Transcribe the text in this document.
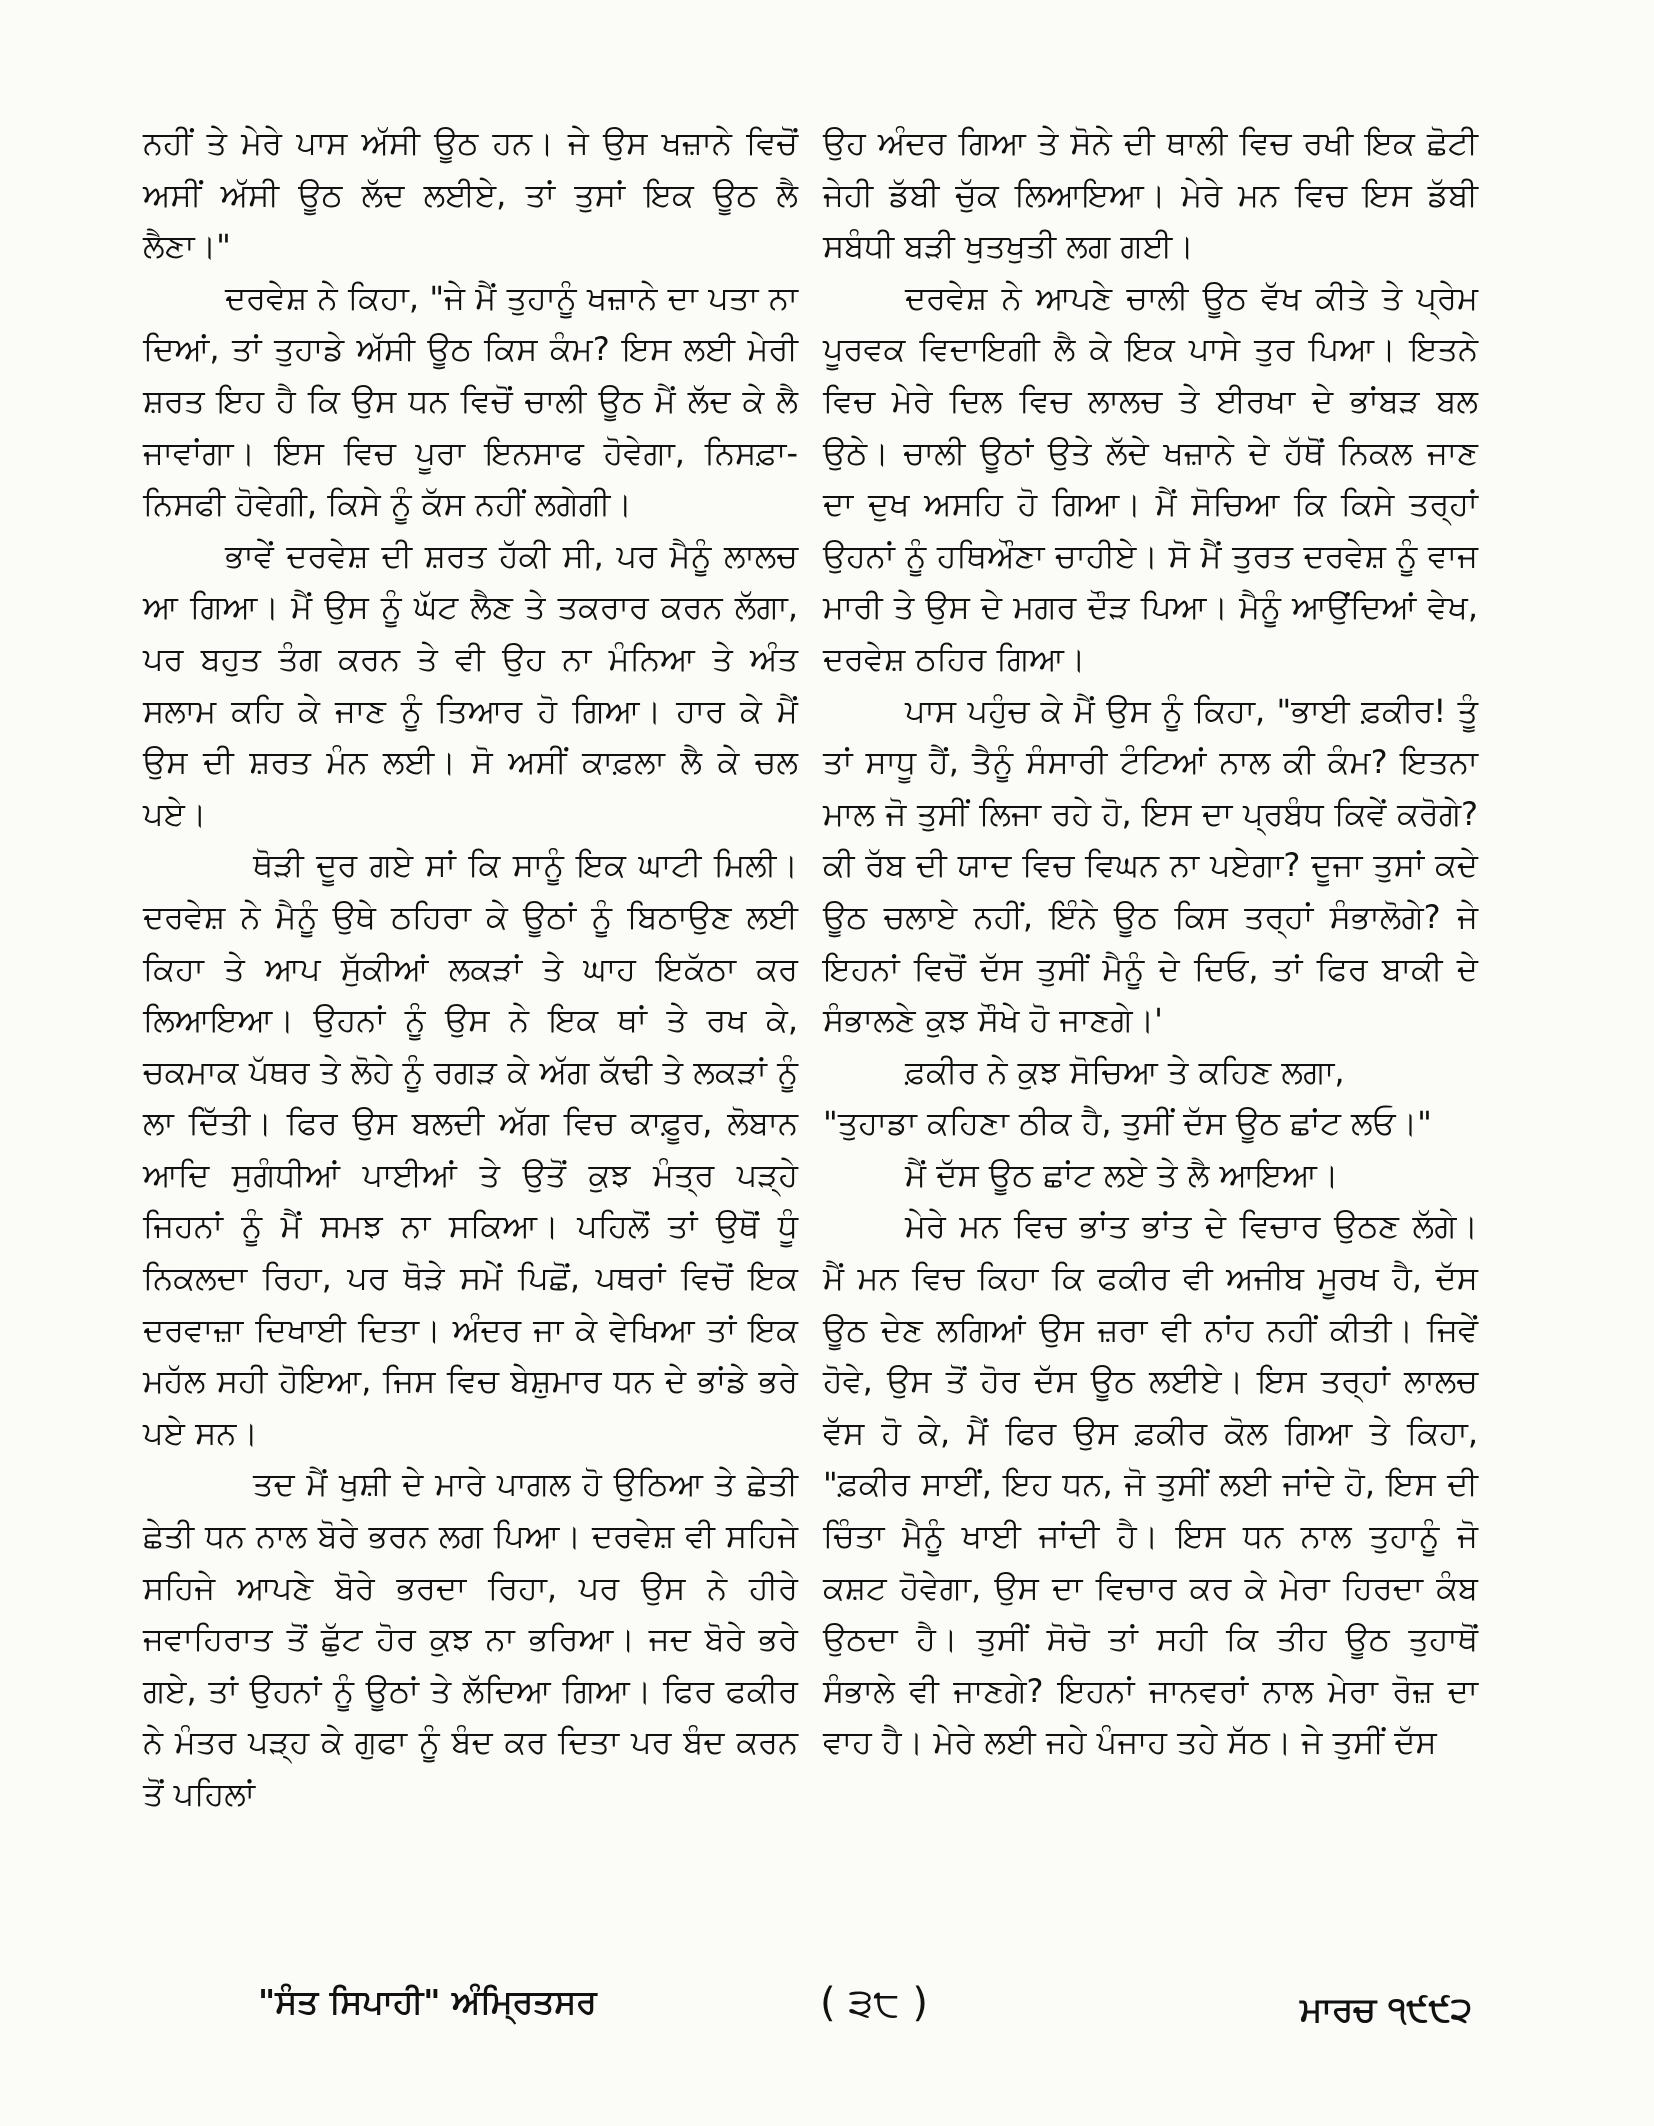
ਨਹੀਂ ਤੇ ਮੇਰੇ ਪਾਸ ਅੱਸੀ ਊਠ ਹਨ। ਜੇ ਉਸ ਖਜ਼ਾਨੇ ਵਿਚੋਂ ਅਸੀਂ ਅੱਸੀ ਊਠ ਲੱਦ ਲਈਏ, ਤਾਂ ਤੁਸਾਂ ਇਕ ਊਠ ਲੈ ਲੈਣਾ।"

ਦਰਵੇਸ਼ ਨੇ ਕਿਹਾ, "ਜੇ ਮੈਂ ਤੁਹਾਨੂੰ ਖਜ਼ਾਨੇ ਦਾ ਪਤਾ ਨਾ ਦਿਆਂ, ਤਾਂ ਤੁਹਾਡੇ ਅੱਸੀ ਊਠ ਕਿਸ ਕੰਮ? ਇਸ ਲਈ ਮੇਰੀ ਸ਼ਰਤ ਇਹ ਹੈ ਕਿ ਉਸ ਧਨ ਵਿਚੋਂ ਚਾਲੀ ਊਠ ਮੈਂ ਲੱਦ ਕੇ ਲੈ ਜਾਵਾਂਗਾ। ਇਸ ਵਿਚ ਪੂਰਾ ਇਨਸਾਫ ਹੋਵੇਗਾ, ਨਿਸਫ਼ਾ-ਨਿਸਫੀ ਹੋਵੇਗੀ, ਕਿਸੇ ਨੂੰ ਕੱਸ ਨਹੀਂ ਲਗੇਗੀ।

ਭਾਵੇਂ ਦਰਵੇਸ਼ ਦੀ ਸ਼ਰਤ ਹੱਕੀ ਸੀ, ਪਰ ਮੈਨੂੰ ਲਾਲਚ ਆ ਗਿਆ। ਮੈਂ ਉਸ ਨੂੰ ਘੱਟ ਲੈਣ ਤੇ ਤਕਰਾਰ ਕਰਨ ਲੱਗਾ, ਪਰ ਬਹੁਤ ਤੰਗ ਕਰਨ ਤੇ ਵੀ ਉਹ ਨਾ ਮੰਨਿਆ ਤੇ ਅੰਤ ਸਲਾਮ ਕਹਿ ਕੇ ਜਾਣ ਨੂੰ ਤਿਆਰ ਹੋ ਗਿਆ। ਹਾਰ ਕੇ ਮੈਂ ਉਸ ਦੀ ਸ਼ਰਤ ਮੰਨ ਲਈ। ਸੋ ਅਸੀਂ ਕਾਫ਼ਲਾ ਲੈ ਕੇ ਚਲ ਪਏ।

ਥੋੜੀ ਦੂਰ ਗਏ ਸਾਂ ਕਿ ਸਾਨੂੰ ਇਕ ਘਾਟੀ ਮਿਲੀ। ਦਰਵੇਸ਼ ਨੇ ਮੈਨੂੰ ਉਥੇ ਠਹਿਰਾ ਕੇ ਊਠਾਂ ਨੂੰ ਬਿਠਾਉਣ ਲਈ ਕਿਹਾ ਤੇ ਆਪ ਸੁੱਕੀਆਂ ਲਕੜਾਂ ਤੇ ਘਾਹ ਇਕੱਠਾ ਕਰ ਲਿਆਇਆ। ਉਹਨਾਂ ਨੂੰ ਉਸ ਨੇ ਇਕ ਥਾਂ ਤੇ ਰਖ ਕੇ, ਚਕਮਾਕ ਪੱਥਰ ਤੇ ਲੋਹੇ ਨੂੰ ਰਗੜ ਕੇ ਅੱਗ ਕੱਢੀ ਤੇ ਲਕੜਾਂ ਨੂੰ ਲਾ ਦਿੱਤੀ। ਫਿਰ ਉਸ ਬਲਦੀ ਅੱਗ ਵਿਚ ਕਾਫ਼ੂਰ, ਲੋਬਾਨ ਆਦਿ ਸੁਗੰਧੀਆਂ ਪਾਈਆਂ ਤੇ ਉਤੋਂ ਕੁਝ ਮੰਤ੍ਰ ਪੜ੍ਹੇ ਜਿਹਨਾਂ ਨੂੰ ਮੈਂ ਸਮਝ ਨਾ ਸਕਿਆ। ਪਹਿਲੋਂ ਤਾਂ ਉਥੋਂ ਧੂੰ ਨਿਕਲਦਾ ਰਿਹਾ, ਪਰ ਥੋੜੇ ਸਮੇਂ ਪਿਛੋਂ, ਪਥਰਾਂ ਵਿਚੋਂ ਇਕ ਦਰਵਾਜ਼ਾ ਦਿਖਾਈ ਦਿਤਾ। ਅੰਦਰ ਜਾ ਕੇ ਵੇਖਿਆ ਤਾਂ ਇਕ ਮਹੱਲ ਸਹੀ ਹੋਇਆ, ਜਿਸ ਵਿਚ ਬੇਸ਼ੁਮਾਰ ਧਨ ਦੇ ਭਾਂਡੇ ਭਰੇ ਪਏ ਸਨ।

ਤਦ ਮੈਂ ਖੁਸ਼ੀ ਦੇ ਮਾਰੇ ਪਾਗਲ ਹੋ ਉਠਿਆ ਤੇ ਛੇਤੀ ਛੇਤੀ ਧਨ ਨਾਲ ਬੋਰੇ ਭਰਨ ਲਗ ਪਿਆ। ਦਰਵੇਸ਼ ਵੀ ਸਹਿਜੇ ਸਹਿਜੇ ਆਪਣੇ ਬੋਰੇ ਭਰਦਾ ਰਿਹਾ, ਪਰ ਉਸ ਨੇ ਹੀਰੇ ਜਵਾਹਿਰਾਤ ਤੋਂ ਛੁੱਟ ਹੋਰ ਕੁਝ ਨਾ ਭਰਿਆ। ਜਦ ਬੋਰੇ ਭਰੇ ਗਏ, ਤਾਂ ਉਹਨਾਂ ਨੂੰ ਊਠਾਂ ਤੇ ਲੱਦਿਆ ਗਿਆ। ਫਿਰ ਫਕੀਰ ਨੇ ਮੰਤਰ ਪੜ੍ਹ ਕੇ ਗੁਫਾ ਨੂੰ ਬੰਦ ਕਰ ਦਿਤਾ ਪਰ ਬੰਦ ਕਰਨ ਤੋਂ ਪਹਿਲਾਂ

ਉਹ ਅੰਦਰ ਗਿਆ ਤੇ ਸੋਨੇ ਦੀ ਥਾਲੀ ਵਿਚ ਰਖੀ ਇਕ ਛੋਟੀ ਜੇਹੀ ਡੱਬੀ ਚੁੱਕ ਲਿਆਇਆ। ਮੇਰੇ ਮਨ ਵਿਚ ਇਸ ਡੱਬੀ ਸਬੰਧੀ ਬੜੀ ਖੁਤਖੁਤੀ ਲਗ ਗਈ।

ਦਰਵੇਸ਼ ਨੇ ਆਪਣੇ ਚਾਲੀ ਊਠ ਵੱਖ ਕੀਤੇ ਤੇ ਪ੍ਰੇਮ ਪੂਰਵਕ ਵਿਦਾਇਗੀ ਲੈ ਕੇ ਇਕ ਪਾਸੇ ਤੁਰ ਪਿਆ। ਇਤਨੇ ਵਿਚ ਮੇਰੇ ਦਿਲ ਵਿਚ ਲਾਲਚ ਤੇ ਈਰਖਾ ਦੇ ਭਾਂਬੜ ਬਲ ਉਠੇ। ਚਾਲੀ ਊਠਾਂ ਉਤੇ ਲੱਦੇ ਖਜ਼ਾਨੇ ਦੇ ਹੱਥੋਂ ਨਿਕਲ ਜਾਣ ਦਾ ਦੁਖ ਅਸਹਿ ਹੋ ਗਿਆ। ਮੈਂ ਸੋਚਿਆ ਕਿ ਕਿਸੇ ਤਰ੍ਹਾਂ ਉਹਨਾਂ ਨੂੰ ਹਥਿਔਣਾ ਚਾਹੀਏ। ਸੋ ਮੈਂ ਤੁਰਤ ਦਰਵੇਸ਼ ਨੂੰ ਵਾਜ ਮਾਰੀ ਤੇ ਉਸ ਦੇ ਮਗਰ ਦੌੜ ਪਿਆ। ਮੈਨੂੰ ਆਉਂਦਿਆਂ ਵੇਖ, ਦਰਵੇਸ਼ ਠਹਿਰ ਗਿਆ।

ਪਾਸ ਪਹੁੰਚ ਕੇ ਮੈਂ ਉਸ ਨੂੰ ਕਿਹਾ, "ਭਾਈ ਫ਼ਕੀਰ! ਤੂੰ ਤਾਂ ਸਾਧੂ ਹੈਂ, ਤੈਨੂੰ ਸੰਸਾਰੀ ਟੰਟਿਆਂ ਨਾਲ ਕੀ ਕੰਮ? ਇਤਨਾ ਮਾਲ ਜੋ ਤੁਸੀਂ ਲਿਜਾ ਰਹੇ ਹੋ, ਇਸ ਦਾ ਪ੍ਰਬੰਧ ਕਿਵੇਂ ਕਰੋਗੇ? ਕੀ ਰੱਬ ਦੀ ਯਾਦ ਵਿਚ ਵਿਘਨ ਨਾ ਪਏਗਾ? ਦੂਜਾ ਤੁਸਾਂ ਕਦੇ ਊਠ ਚਲਾਏ ਨਹੀਂ, ਇੰਨੇ ਊਠ ਕਿਸ ਤਰ੍ਹਾਂ ਸੰਭਾਲੋਗੇ? ਜੇ ਇਹਨਾਂ ਵਿਚੋਂ ਦੱਸ ਤੁਸੀਂ ਮੈਨੂੰ ਦੇ ਦਿਓ, ਤਾਂ ਫਿਰ ਬਾਕੀ ਦੇ ਸੰਭਾਲਣੇ ਕੁਝ ਸੌਖੇ ਹੋ ਜਾਣਗੇ।'

ਫ਼ਕੀਰ ਨੇ ਕੁਝ ਸੋਚਿਆ ਤੇ ਕਹਿਣ ਲਗਾ,

"ਤੁਹਾਡਾ ਕਹਿਣਾ ਠੀਕ ਹੈ, ਤੁਸੀਂ ਦੱਸ ਊਠ ਛਾਂਟ ਲਓ।"

ਮੈਂ ਦੱਸ ਊਠ ਛਾਂਟ ਲਏ ਤੇ ਲੈ ਆਇਆ।

ਮੇਰੇ ਮਨ ਵਿਚ ਭਾਂਤ ਭਾਂਤ ਦੇ ਵਿਚਾਰ ਉਠਣ ਲੱਗੇ। ਮੈਂ ਮਨ ਵਿਚ ਕਿਹਾ ਕਿ ਫਕੀਰ ਵੀ ਅਜੀਬ ਮੂਰਖ ਹੈ, ਦੱਸ ਊਠ ਦੇਣ ਲਗਿਆਂ ਉਸ ਜ਼ਰਾ ਵੀ ਨਾਂਹ ਨਹੀਂ ਕੀਤੀ। ਜਿਵੇਂ ਹੋਵੇ, ਉਸ ਤੋਂ ਹੋਰ ਦੱਸ ਊਠ ਲਈਏ। ਇਸ ਤਰ੍ਹਾਂ ਲਾਲਚ ਵੱਸ ਹੋ ਕੇ, ਮੈਂ ਫਿਰ ਉਸ ਫ਼ਕੀਰ ਕੋਲ ਗਿਆ ਤੇ ਕਿਹਾ, "ਫ਼ਕੀਰ ਸਾਈਂ, ਇਹ ਧਨ, ਜੋ ਤੁਸੀਂ ਲਈ ਜਾਂਦੇ ਹੋ, ਇਸ ਦੀ ਚਿੰਤਾ ਮੈਨੂੰ ਖਾਈ ਜਾਂਦੀ ਹੈ। ਇਸ ਧਨ ਨਾਲ ਤੁਹਾਨੂੰ ਜੋ ਕਸ਼ਟ ਹੋਵੇਗਾ, ਉਸ ਦਾ ਵਿਚਾਰ ਕਰ ਕੇ ਮੇਰਾ ਹਿਰਦਾ ਕੰਬ ਉਠਦਾ ਹੈ। ਤੁਸੀਂ ਸੋਚੋ ਤਾਂ ਸਹੀ ਕਿ ਤੀਹ ਊਠ ਤੁਹਾਥੋਂ ਸੰਭਾਲੇ ਵੀ ਜਾਣਗੇ? ਇਹਨਾਂ ਜਾਨਵਰਾਂ ਨਾਲ ਮੇਰਾ ਰੋਜ਼ ਦਾ ਵਾਹ ਹੈ। ਮੇਰੇ ਲਈ ਜਹੇ ਪੰਜਾਹ ਤਹੇ ਸੱਠ। ਜੇ ਤੁਸੀਂ ਦੱਸ

"ਸੰਤ ਸਿਪਾਹੀ" ਅੰਮ੍ਰਿਤਸਰ	( ੩੮ )	ਮਾਰਚ ੧੯੯੨
